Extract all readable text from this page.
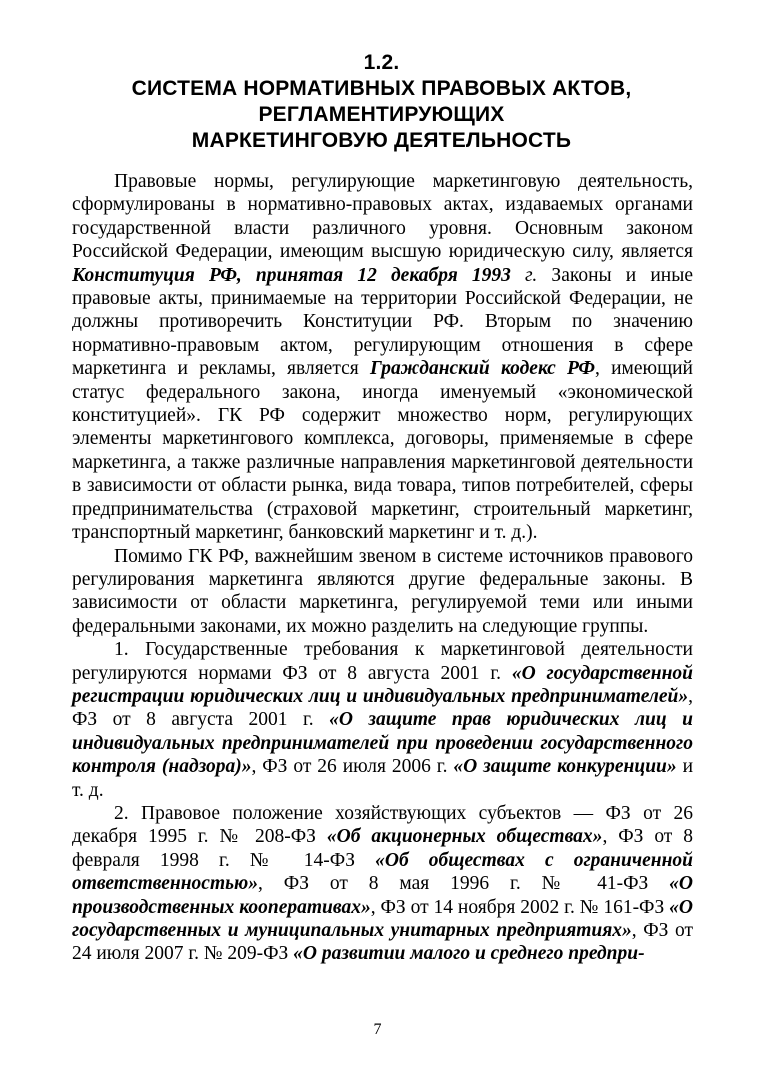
1.2.
СИСТЕМА НОРМАТИВНЫХ ПРАВОВЫХ АКТОВ,
РЕГЛАМЕНТИРУЮЩИХ
МАРКЕТИНГОВУЮ ДЕЯТЕЛЬНОСТЬ

Правовые нормы, регулирующие маркетинговую деятельность, сформулированы в нормативно-правовых актах, издаваемых органами государственной власти различного уровня. Основным законом Российской Федерации, имеющим высшую юридическую силу, является Конституция РФ, принятая 12 декабря 1993 г. Законы и иные правовые акты, принимаемые на территории Российской Федерации, не должны противоречить Конституции РФ. Вторым по значению нормативно-правовым актом, регулирующим отношения в сфере маркетинга и рекламы, является Гражданский кодекс РФ, имеющий статус федерального закона, иногда именуемый «экономической конституцией». ГК РФ содержит множество норм, регулирующих элементы маркетингового комплекса, договоры, применяемые в сфере маркетинга, а также различные направления маркетинговой деятельности в зависимости от области рынка, вида товара, типов потребителей, сферы предпринимательства (страховой маркетинг, строительный маркетинг, транспортный маркетинг, банковский маркетинг и т. д.).

Помимо ГК РФ, важнейшим звеном в системе источников правового регулирования маркетинга являются другие федеральные законы. В зависимости от области маркетинга, регулируемой теми или иными федеральными законами, их можно разделить на следующие группы.

1. Государственные требования к маркетинговой деятельности регулируются нормами ФЗ от 8 августа 2001 г. «О государственной регистрации юридических лиц и индивидуальных предпринимателей», ФЗ от 8 августа 2001 г. «О защите прав юридических лиц и индивидуальных предпринимателей при проведении государственного контроля (надзора)», ФЗ от 26 июля 2006 г. «О защите конкуренции» и т. д.

2. Правовое положение хозяйствующих субъектов — ФЗ от 26 декабря 1995 г. № 208-ФЗ «Об акционерных обществах», ФЗ от 8 февраля 1998 г. № 14-ФЗ «Об обществах с ограниченной ответственностью», ФЗ от 8 мая 1996 г. № 41-ФЗ «О производственных кооперативах», ФЗ от 14 ноября 2002 г. № 161-ФЗ «О государственных и муниципальных унитарных предприятиях», ФЗ от 24 июля 2007 г. № 209-ФЗ «О развитии малого и среднего предпри-

7
